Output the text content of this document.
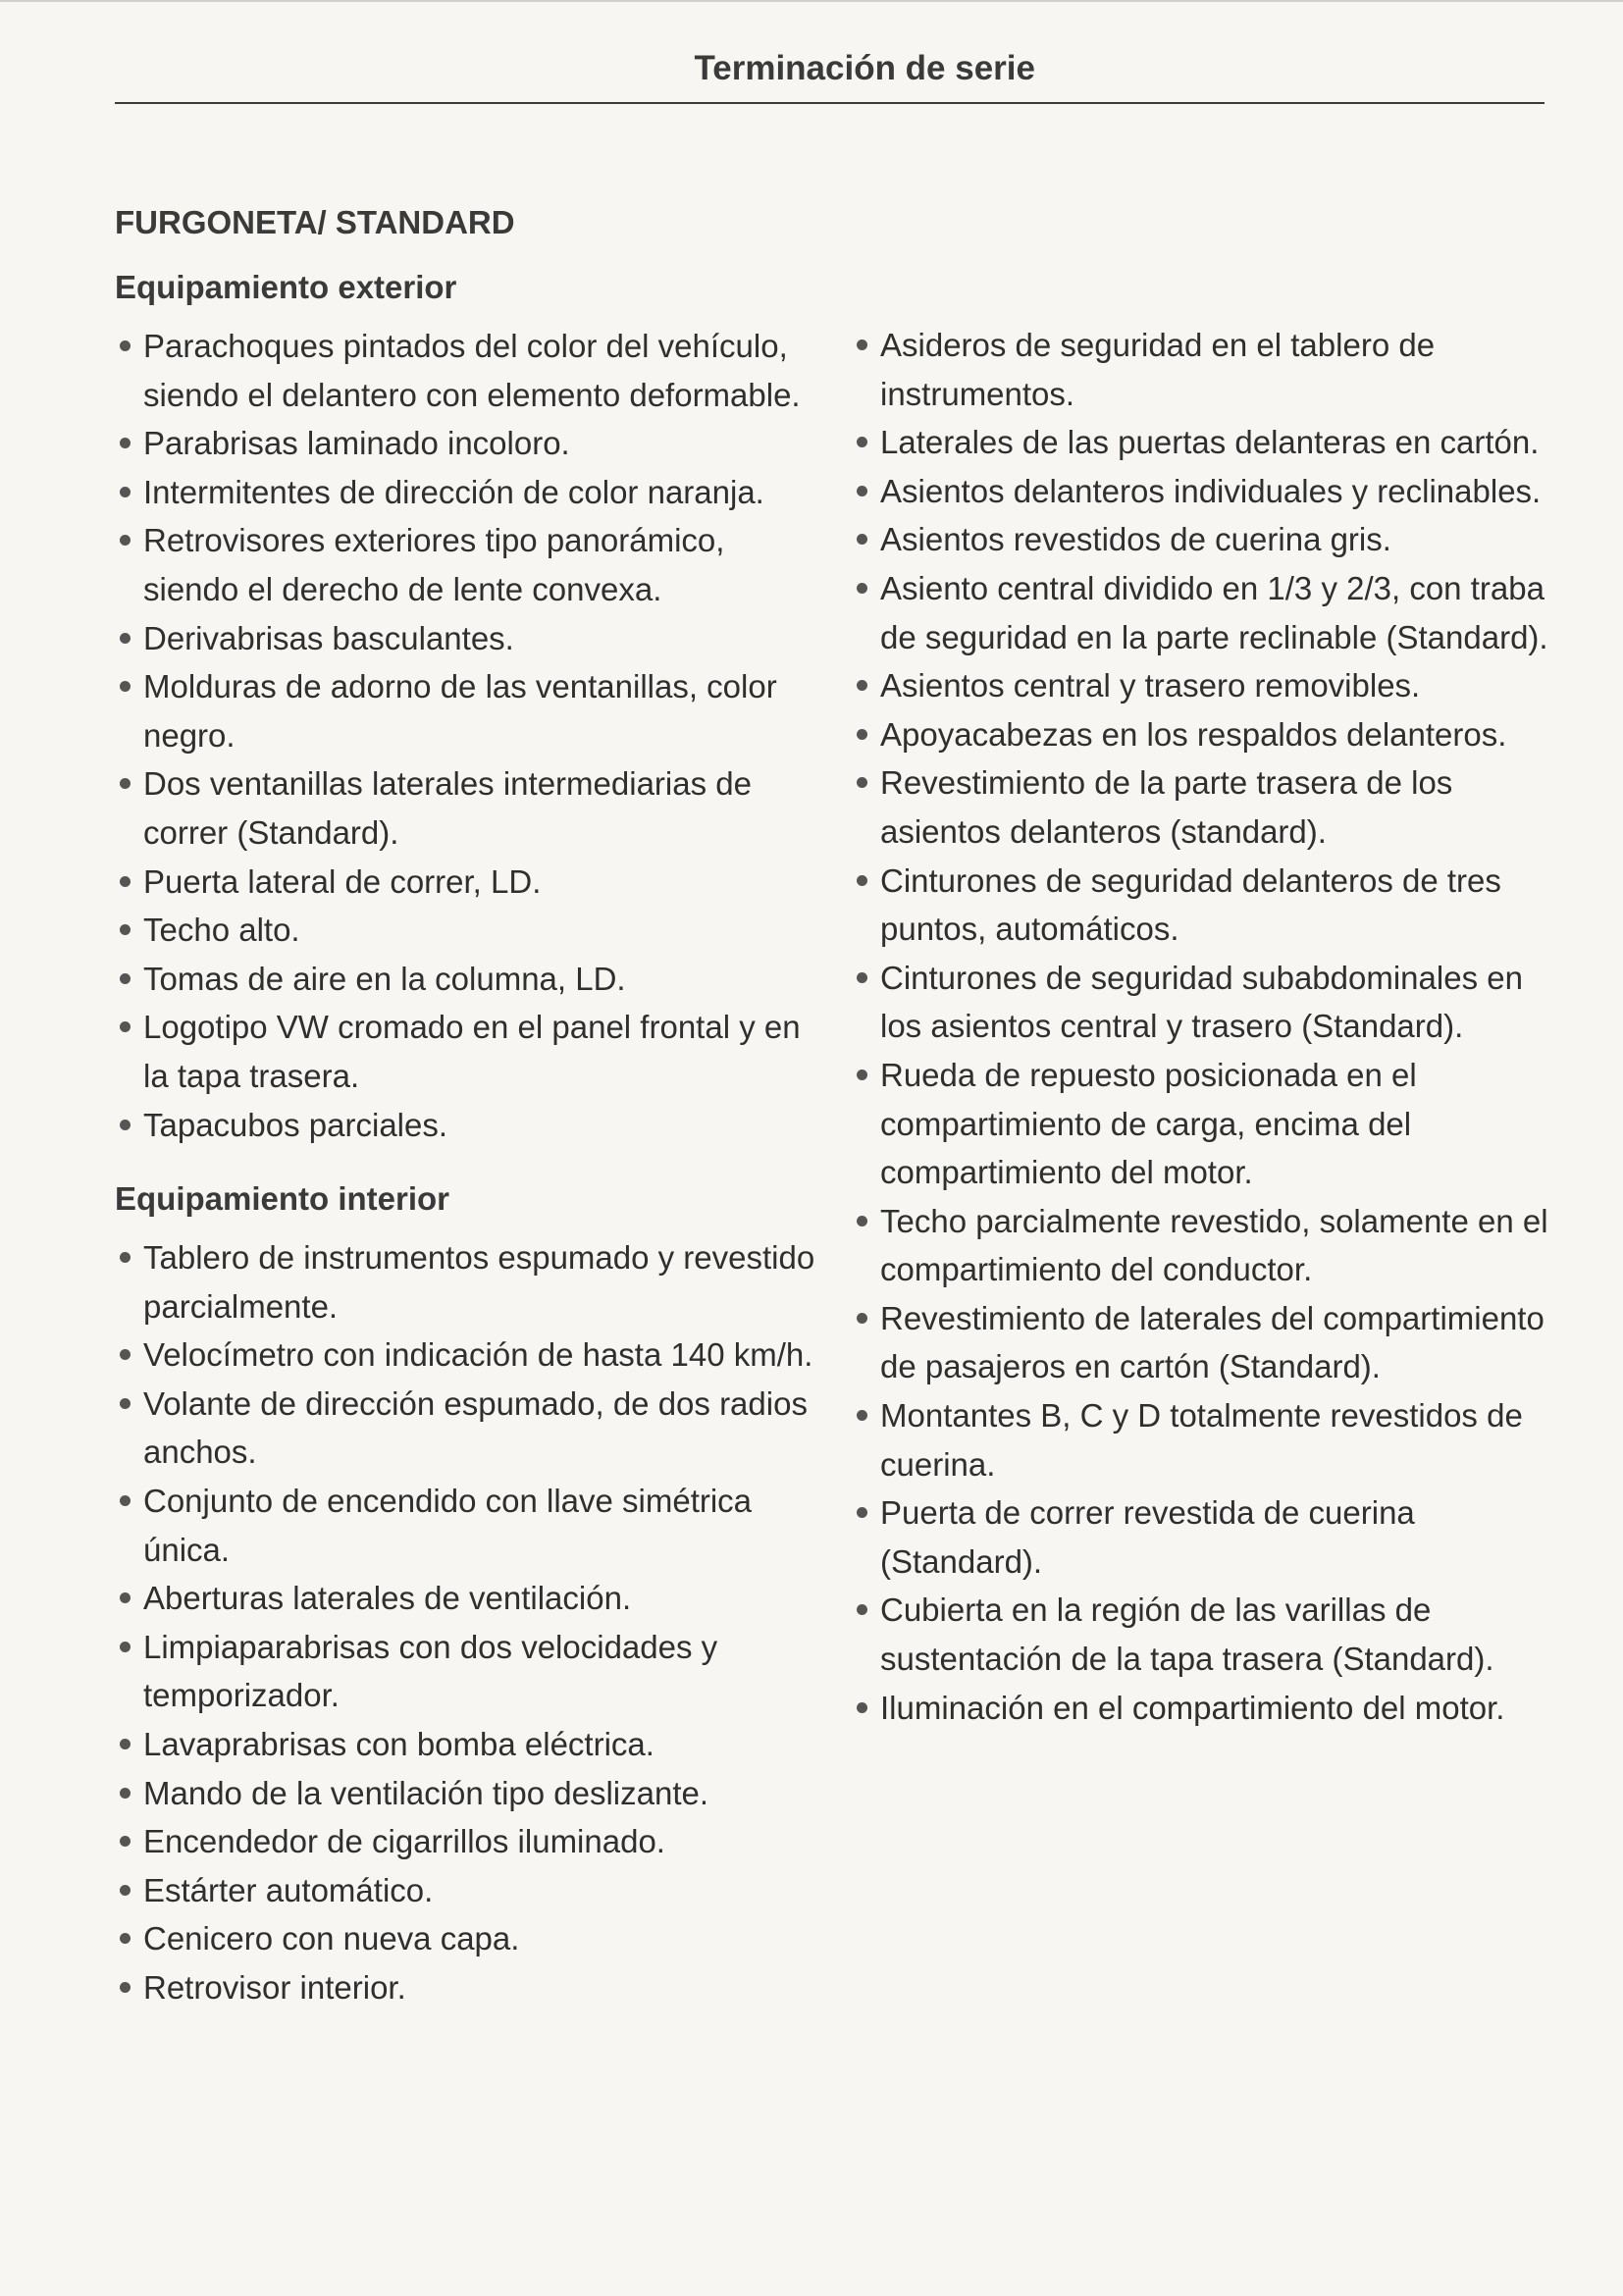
Terminación de serie
FURGONETA/ STANDARD
Equipamiento exterior
Parachoques pintados del color del vehículo, siendo el delantero con elemento deformable.
Parabrisas laminado incoloro.
Intermitentes de dirección de color naranja.
Retrovisores exteriores tipo panorámico, siendo el derecho de lente convexa.
Derivabrisas basculantes.
Molduras de adorno de las ventanillas, color negro.
Dos ventanillas laterales intermediarias de correr (Standard).
Puerta lateral de correr, LD.
Techo alto.
Tomas de aire en la columna, LD.
Logotipo VW cromado en el panel frontal y en la tapa trasera.
Tapacubos parciales.
Equipamiento interior
Tablero de instrumentos espumado y revestido parcialmente.
Velocímetro con indicación de hasta 140 km/h.
Volante de dirección espumado, de dos radios anchos.
Conjunto de encendido con llave simétrica única.
Aberturas laterales de ventilación.
Limpiaparabrisas con dos velocidades y temporizador.
Lavaprabrisas con bomba eléctrica.
Mando de la ventilación tipo deslizante.
Encendedor de cigarrillos iluminado.
Estárter automático.
Cenicero con nueva capa.
Retrovisor interior.
Asideros de seguridad en el tablero de instrumentos.
Laterales de las puertas delanteras en cartón.
Asientos delanteros individuales y reclinables.
Asientos revestidos de cuerina gris.
Asiento central dividido en 1/3 y 2/3, con traba de seguridad en la parte reclinable (Standard).
Asientos central y trasero removibles.
Apoyacabezas en los respaldos delanteros.
Revestimiento de la parte trasera de los asientos delanteros (standard).
Cinturones de seguridad delanteros de tres puntos, automáticos.
Cinturones de seguridad subabdominales en los asientos central y trasero (Standard).
Rueda de repuesto posicionada en el compartimiento de carga, encima del compartimiento del motor.
Techo parcialmente revestido, solamente en el compartimiento del conductor.
Revestimiento de laterales del compartimiento de pasajeros en cartón (Standard).
Montantes B, C y D totalmente revestidos de cuerina.
Puerta de correr revestida de cuerina (Standard).
Cubierta en la región de las varillas de sustentación de la tapa trasera (Standard).
Iluminación en el compartimiento del motor.
